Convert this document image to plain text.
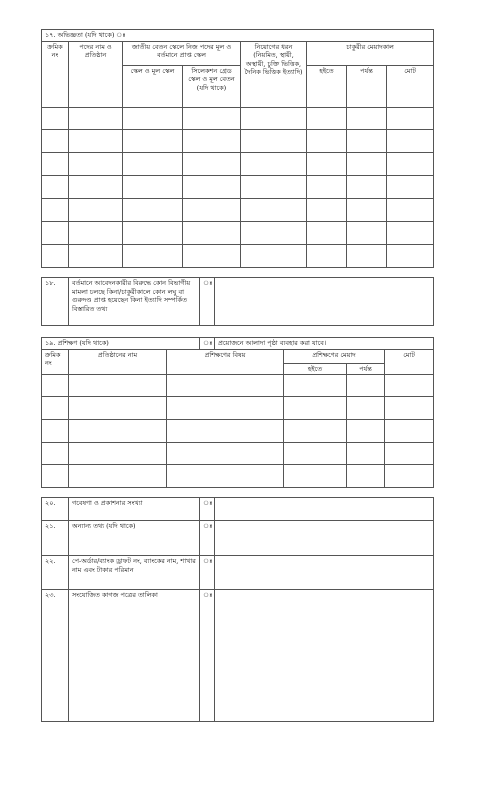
১৭. অভিজ্ঞতা (যদি থাকে) ঃ							
ক্রমিক নং	পদের নাম ও প্রতিষ্ঠান	জাতীয় বেতন স্কেলে নিজ পদের মূল ও বর্তমানে প্রাপ্ত স্কেল		নিয়োগের ধরন (নিয়মিত, স্থায়ী, অস্থায়ী, চুক্তি ভিত্তিক, দৈনিক ভিত্তিক ইত্যাদি)	চাকুরীর মেয়াদকাল		
		স্কেল ও মূল স্কেল	সিলেকশন গ্রেড স্কেল ও মূল বেতন (যদি থাকে)		হইতে	পর্যন্ত	মোট

১৮.	বর্তমানে আবেদনকারীর বিরুদ্ধে কোন বিভাগীয় মামলা চলছে কিনা/চাকুরীকালে কোন লঘু বা গুরুদণ্ড প্রাপ্ত হয়েছেন কিনা ইত্যাদি সম্পর্কিত বিস্তারিত তথ্য	ঃ	
১৯. প্রশিক্ষণ (যদি থাকে)			ঃ	প্রয়োজনে আলাদা পৃষ্ঠা ব্যবহার করা যাবে।			
ক্রমিক নং	প্রতিষ্ঠানের নাম	প্রশিক্ষণের বিষয়			প্রশিক্ষণের মেয়াদ		মোট
					হইতে	পর্যন্ত	

২০.	গবেষণা ও প্রকাশনার সংখ্যা	ঃ	
২১.	অন্যান্য তথ্য (যদি থাকে)	ঃ	
২২.	পে-অর্ডার/ব্যাংক ড্রাফট নং, ব্যাংকের নাম, শাখার নাম এবং টাকার পরিমান	ঃ	
২৩.	সংযোজিত কাগজ পত্রের তালিকা	ঃ	
